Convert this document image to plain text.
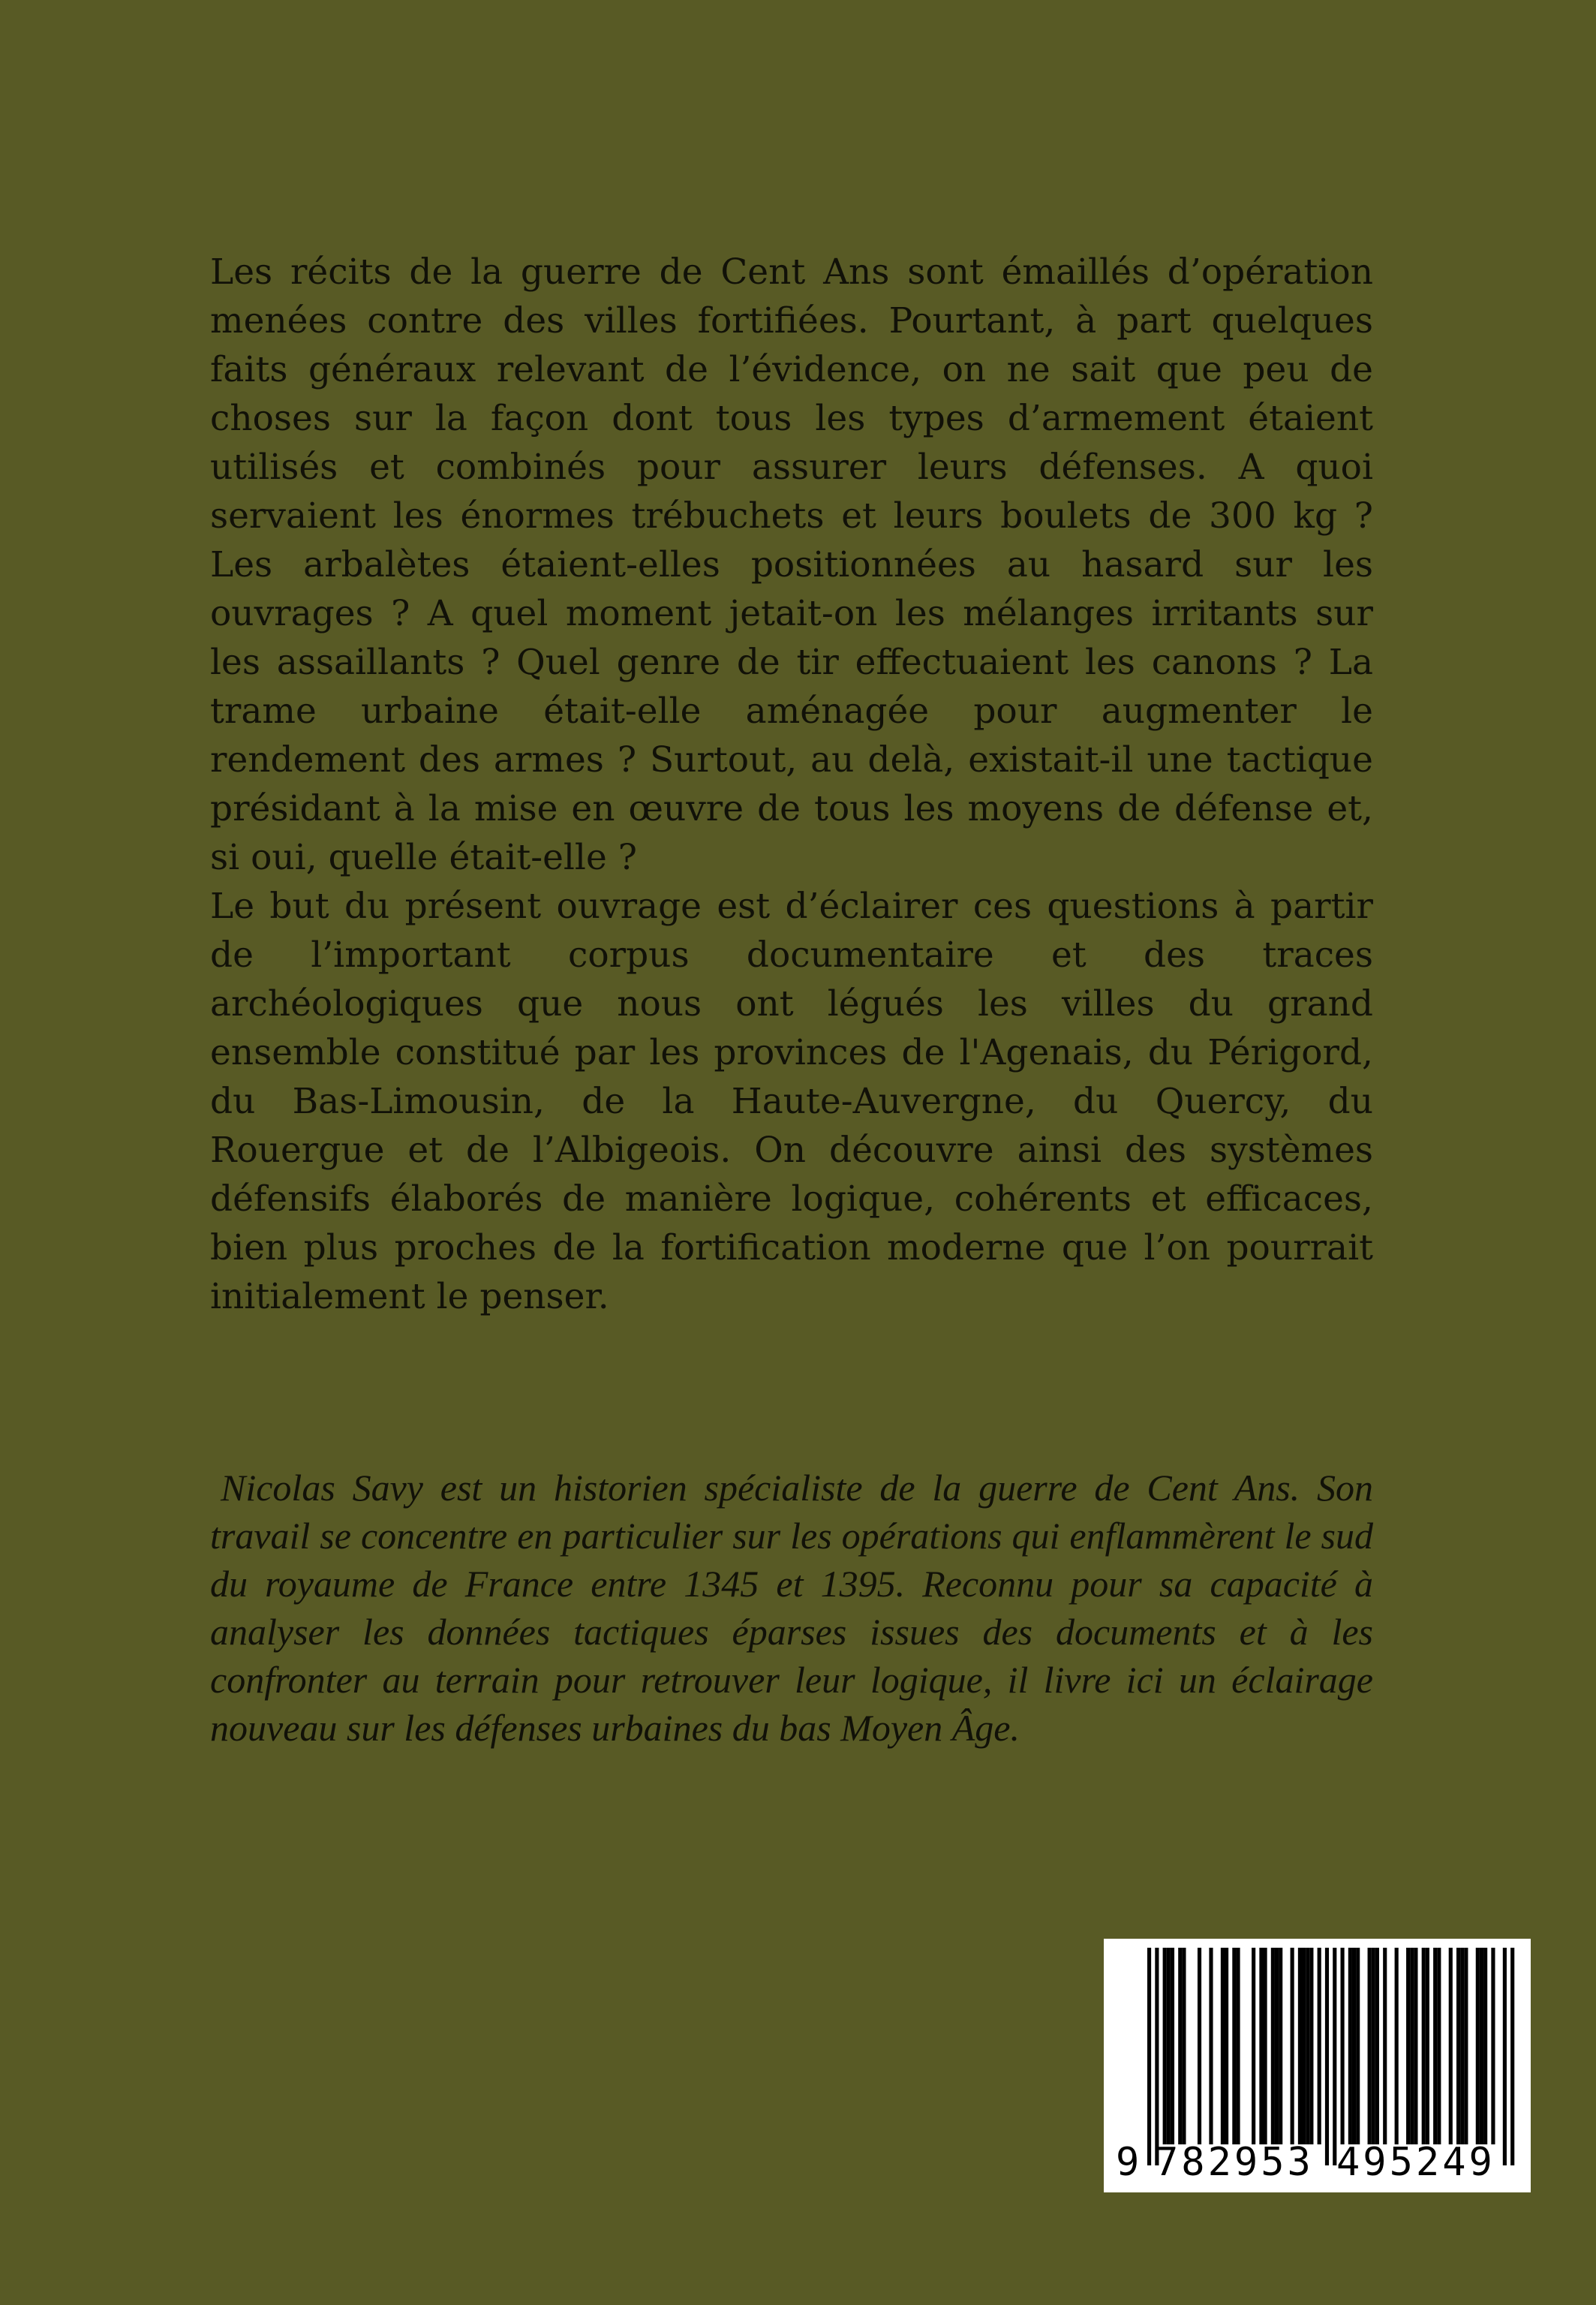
Les récits de la guerre de Cent Ans sont émaillés d’opération menées contre des villes fortifiées. Pourtant, à part quelques faits généraux relevant de l’évidence, on ne sait que peu de choses sur la façon dont tous les types d’armement étaient utilisés et combinés pour assurer leurs défenses. A quoi servaient les énormes trébuchets et leurs boulets de 300 kg ? Les arbalètes étaient-elles positionnées au hasard sur les ouvrages ? A quel moment jetait-on les mélanges irritants sur les assaillants ? Quel genre de tir effectuaient les canons ? La trame urbaine était-elle aménagée pour augmenter le rendement des armes ? Surtout, au delà, existait-il une tactique présidant à la mise en œuvre de tous les moyens de défense et, si oui, quelle était-elle ?

Le but du présent ouvrage est d’éclairer ces questions à partir de l’important corpus documentaire et des traces archéologiques que nous ont légués les villes du grand ensemble constitué par les provinces de l'Agenais, du Périgord, du Bas-Limousin, de la Haute-Auvergne, du Quercy, du Rouergue et de l’Albigeois. On découvre ainsi des systèmes défensifs élaborés de manière logique, cohérents et efficaces, bien plus proches de la fortification moderne que l’on pourrait initialement le penser.

Nicolas Savy est un historien spécialiste de la guerre de Cent Ans. Son travail se concentre en particulier sur les opérations qui enflammèrent le sud du royaume de France entre 1345 et 1395. Reconnu pour sa capacité à analyser les données tactiques éparses issues des documents et à les confronter au terrain pour retrouver leur logique, il livre ici un éclairage nouveau sur les défenses urbaines du bas Moyen Âge.

9 782953 495249
